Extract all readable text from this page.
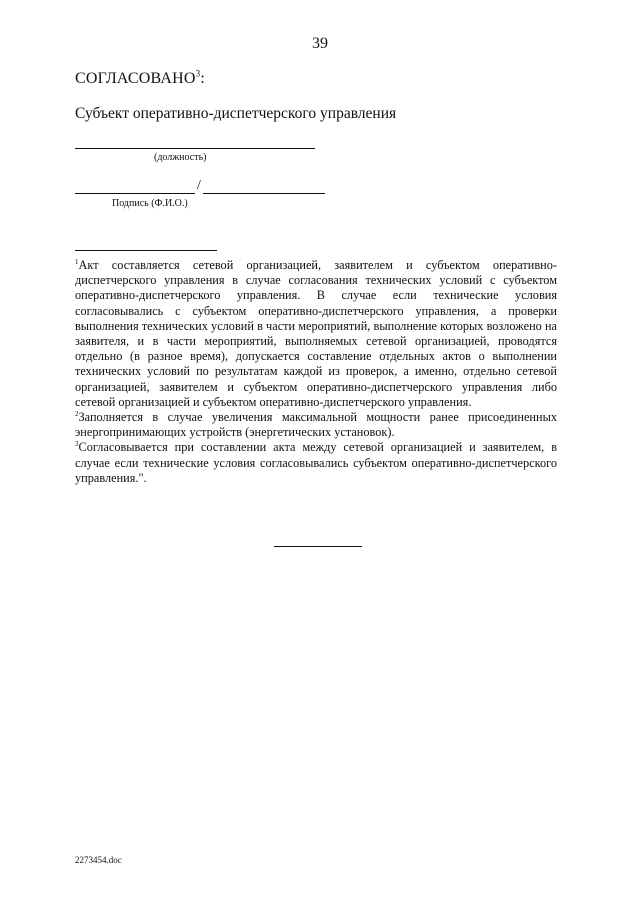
39
СОГЛАСОВАНО$^3$:
Субъект оперативно-диспетчерского управления
(должность)
/
Подпись (Ф.И.О.)

$^1$Акт составляется сетевой организацией, заявителем и субъектом оперативно-диспетчерского управления в случае согласования технических условий с субъектом оперативно-диспетчерского управления. В случае если технические условия согласовывались с субъектом оперативно-диспетчерского управления, а проверки выполнения технических условий в части мероприятий, выполнение которых возложено на заявителя, и в части мероприятий, выполняемых сетевой организацией, проводятся отдельно (в разное время), допускается составление отдельных актов о выполнении технических условий по результатам каждой из проверок, а именно, отдельно сетевой организацией, заявителем и субъектом оперативно-диспетчерского управления либо сетевой организацией и субъектом оперативно-диспетчерского управления.

$^2$Заполняется в случае увеличения максимальной мощности ранее присоединенных энергопринимающих устройств (энергетических установок).

$^3$Согласовывается при составлении акта между сетевой организацией и заявителем, в случае если технические условия согласовывались субъектом оперативно-диспетчерского управления.".

2273454.doc
